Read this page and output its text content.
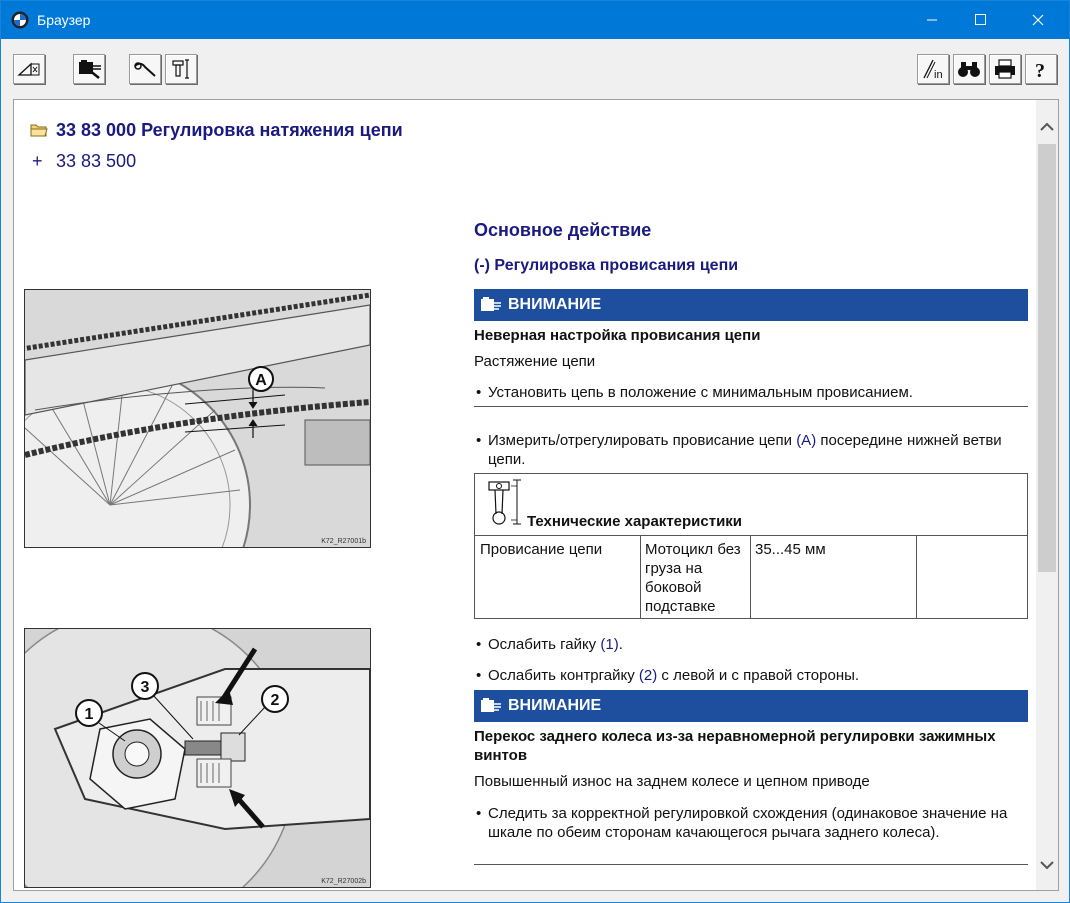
Браузер
in	?
33 83 000 Регулировка натяжения цепи
+ 33 83 500
Основное действие
(-) Регулировка провисания цепи
ВНИМАНИЕ
Неверная настройка провисания цепи
Растяжение цепи
• Установить цепь в положение с минимальным провисанием.
• Измерить/отрегулировать провисание цепи (A) посередине нижней ветви цепи.
Технические характеристики
Провисание цепи	Мотоцикл без груза на боковой подставке
35...45 мм
• Ослабить гайку (1).
• Ослабить контргайку (2) с левой и с правой стороны.
ВНИМАНИЕ
Перекос заднего колеса из-за неравномерной регулировки зажимных винтов
Повышенный износ на заднем колесе и цепном приводе
• Следить за корректной регулировкой схождения (одинаковое значение на шкале по обеим сторонам качающегося рычага заднего колеса).
A
K72_R27001b
1
2
3
K72_R27002b
